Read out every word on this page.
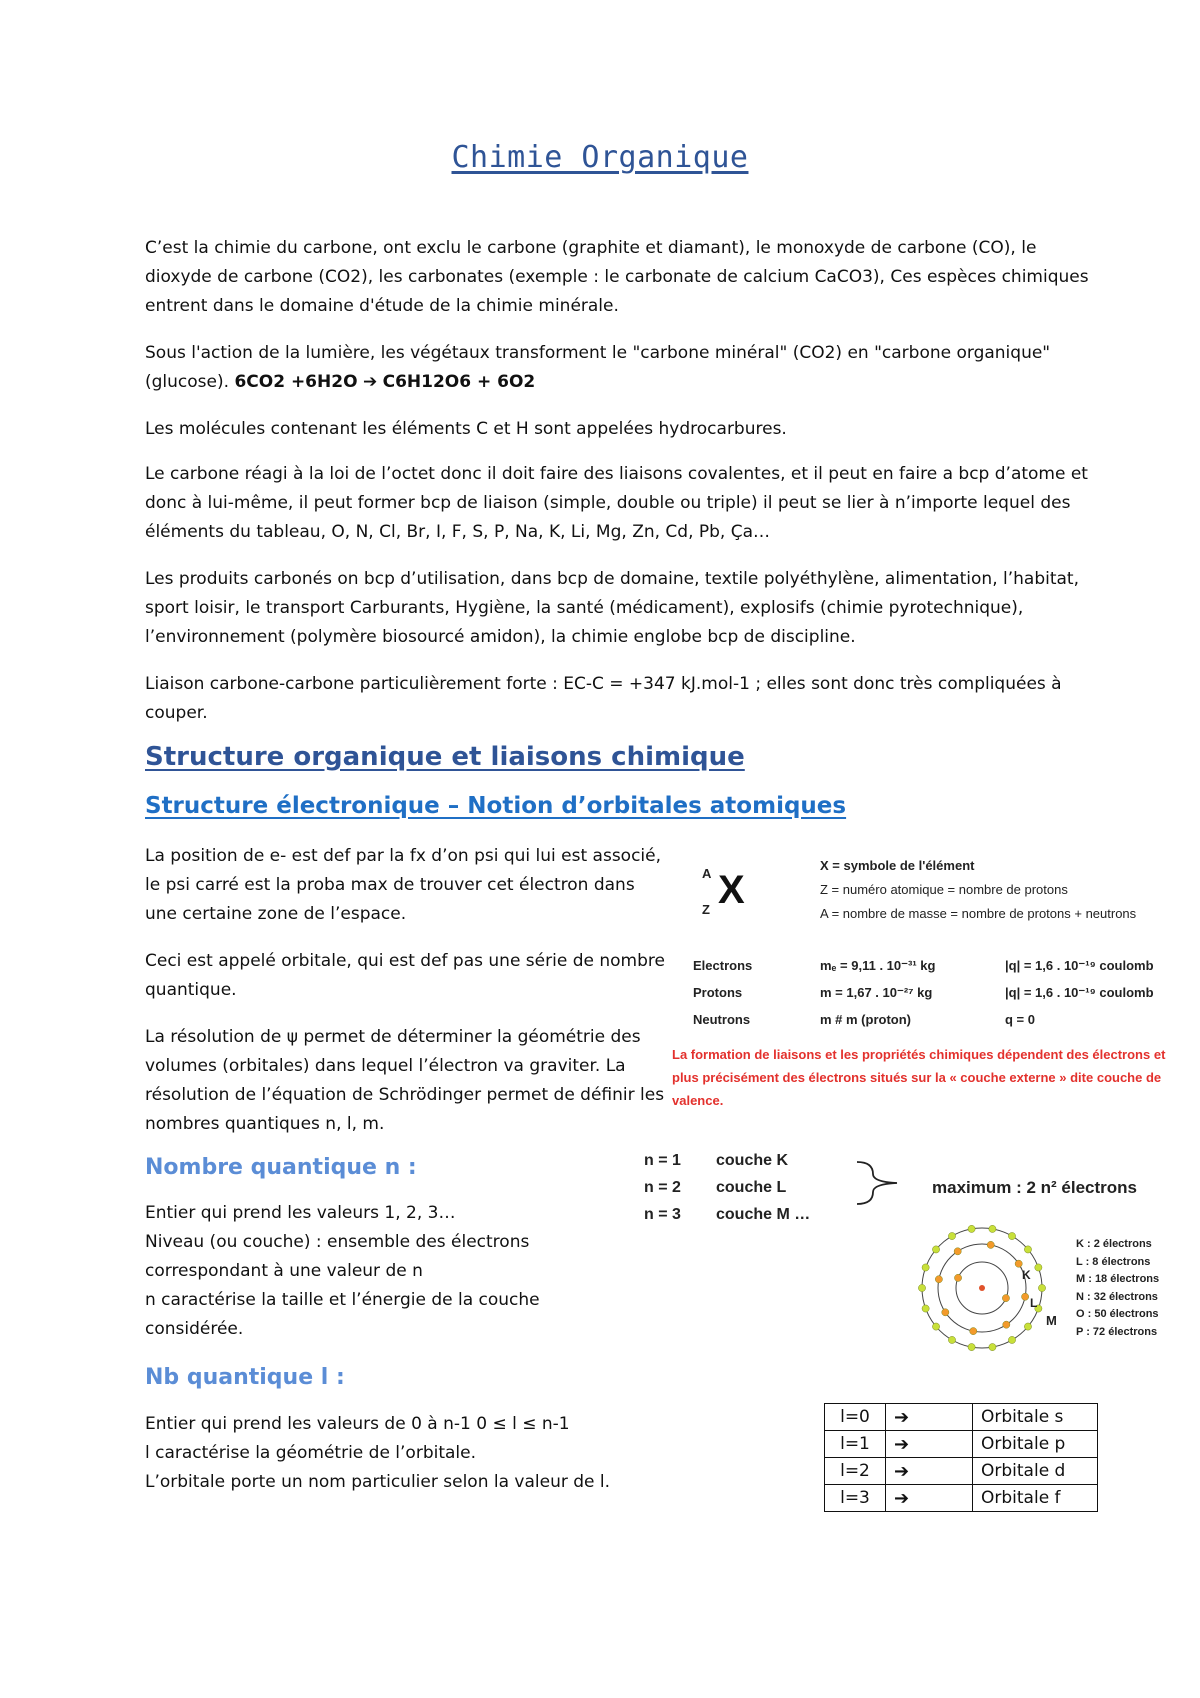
Chimie Organique

C’est la chimie du carbone, ont exclu le carbone (graphite et diamant), le monoxyde de carbone (CO), le dioxyde de carbone (CO2), les carbonates (exemple : le carbonate de calcium CaCO3), Ces espèces chimiques entrent dans le domaine d'étude de la chimie minérale.

Sous l'action de la lumière, les végétaux transforment le "carbone minéral" (CO2) en "carbone organique" (glucose). 6CO2 +6H2O ➔ C6H12O6 + 6O2

Les molécules contenant les éléments C et H sont appelées hydrocarbures.

Le carbone réagi à la loi de l’octet donc il doit faire des liaisons covalentes, et il peut en faire a bcp d’atome et donc à lui-même, il peut former bcp de liaison (simple, double ou triple) il peut se lier à n’importe lequel des éléments du tableau, O, N, Cl, Br, I, F, S, P, Na, K, Li, Mg, Zn, Cd, Pb, Ça…

Les produits carbonés on bcp d’utilisation, dans bcp de domaine, textile polyéthylène, alimentation, l’habitat, sport loisir, le transport Carburants, Hygiène, la santé (médicament), explosifs (chimie pyrotechnique), l’environnement (polymère biosourcé amidon), la chimie englobe bcp de discipline.

Liaison carbone-carbone particulièrement forte : EC-C = +347 kJ.mol-1 ; elles sont donc très compliquées à couper.

Structure organique et liaisons chimique
Structure électronique – Notion d’orbitales atomiques

La position de e- est def par la fx d’on psi qui lui est associé, le psi carré est la proba max de trouver cet électron dans une certaine zone de l’espace.

Ceci est appelé orbitale, qui est def pas une série de nombre quantique.

La résolution de ψ permet de déterminer la géométrie des volumes (orbitales) dans lequel l’électron va graviter. La résolution de l’équation de Schrödinger permet de définir les nombres quantiques n, l, m.

Nombre quantique n :

Entier qui prend les valeurs 1, 2, 3…

Niveau (ou couche) : ensemble des électrons correspondant à une valeur de n

n caractérise la taille et l’énergie de la couche considérée.

Nb quantique l :

Entier qui prend les valeurs de 0 à n-1 0 ≤ l ≤ n-1

l caractérise la géométrie de l’orbitale.

L’orbitale porte un nom particulier selon la valeur de l.

A
Z X
X = symbole de l'élément
Z = numéro atomique = nombre de protons
A = nombre de masse = nombre de protons + neutrons
Electrons	mₑ = 9,11 . 10⁻³¹ kg	|q| = 1,6 . 10⁻¹⁹ coulomb
Protons	m = 1,67 . 10⁻²⁷ kg	|q| = 1,6 . 10⁻¹⁹ coulomb
Neutrons	m # m (proton)	q = 0
La formation de liaisons et les propriétés chimiques dépendent des électrons et plus précisément des électrons situés sur la « couche externe » dite couche de valence.
n = 1 couche K
n = 2 couche L
n = 3 couche M …
maximum : 2 n² électrons
K
L
M
K : 2 électrons
L : 8 électrons
M : 18 électrons
N : 32 électrons
O : 50 électrons
P : 72 électrons
l=0	➔	Orbitale s
l=1	➔	Orbitale p
l=2	➔	Orbitale d
l=3	➔	Orbitale f
